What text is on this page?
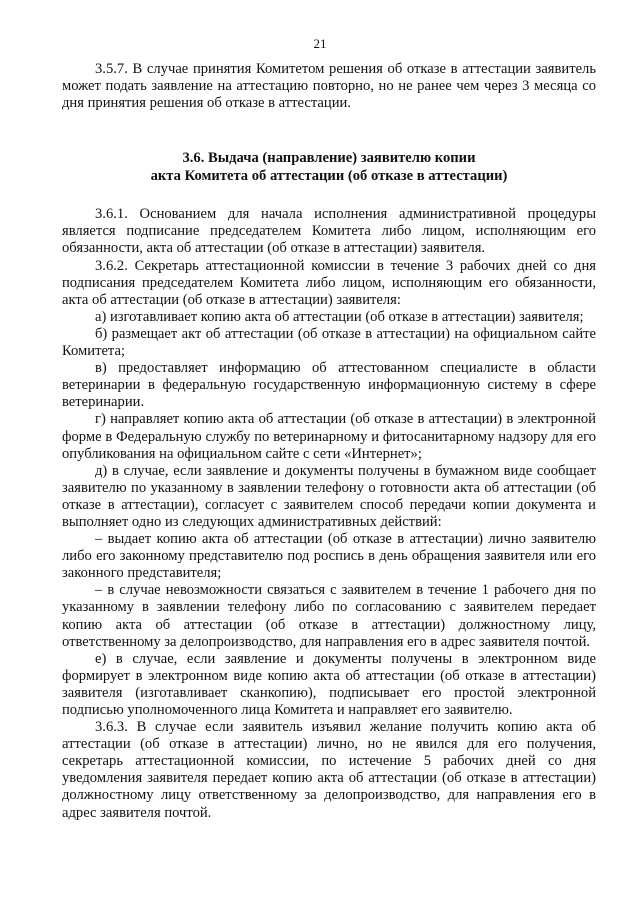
21

3.5.7. В случае принятия Комитетом решения об отказе в аттестации заявитель может подать заявление на аттестацию повторно, но не ранее чем через 3 месяца со дня принятия решения об отказе в аттестации.

3.6. Выдача (направление) заявителю копии
акта Комитета об аттестации (об отказе в аттестации)

3.6.1. Основанием для начала исполнения административной процедуры является подписание председателем Комитета либо лицом, исполняющим его обязанности, акта об аттестации (об отказе в аттестации) заявителя.

3.6.2. Секретарь аттестационной комиссии в течение 3 рабочих дней со дня подписания председателем Комитета либо лицом, исполняющим его обязанности, акта об аттестации (об отказе в аттестации) заявителя:

а) изготавливает копию акта об аттестации (об отказе в аттестации) заявителя;

б) размещает акт об аттестации (об отказе в аттестации) на официальном сайте Комитета;

в) предоставляет информацию об аттестованном специалисте в области ветеринарии в федеральную государственную информационную систему в сфере ветеринарии.

г) направляет копию акта об аттестации (об отказе в аттестации) в электронной форме в Федеральную службу по ветеринарному и фитосанитарному надзору для его опубликования на официальном сайте с сети «Интернет»;

д) в случае, если заявление и документы получены в бумажном виде сообщает заявителю по указанному в заявлении телефону о готовности акта об аттестации (об отказе в аттестации), согласует с заявителем способ передачи копии документа и выполняет одно из следующих административных действий:

– выдает копию акта об аттестации (об отказе в аттестации) лично заявителю либо его законному представителю под роспись в день обращения заявителя или его законного представителя;

– в случае невозможности связаться с заявителем в течение 1 рабочего дня по указанному в заявлении телефону либо по согласованию с заявителем передает копию акта об аттестации (об отказе в аттестации) должностному лицу, ответственному за делопроизводство, для направления его в адрес заявителя почтой.

е) в случае, если заявление и документы получены в электронном виде формирует в электронном виде копию акта об аттестации (об отказе в аттестации) заявителя (изготавливает сканкопию), подписывает его простой электронной подписью уполномоченного лица Комитета и направляет его заявителю.

3.6.3. В случае если заявитель изъявил желание получить копию акта об аттестации (об отказе в аттестации) лично, но не явился для его получения, секретарь аттестационной комиссии, по истечение 5 рабочих дней со дня уведомления заявителя передает копию акта об аттестации (об отказе в аттестации) должностному лицу ответственному за делопроизводство, для направления его в адрес заявителя почтой.
